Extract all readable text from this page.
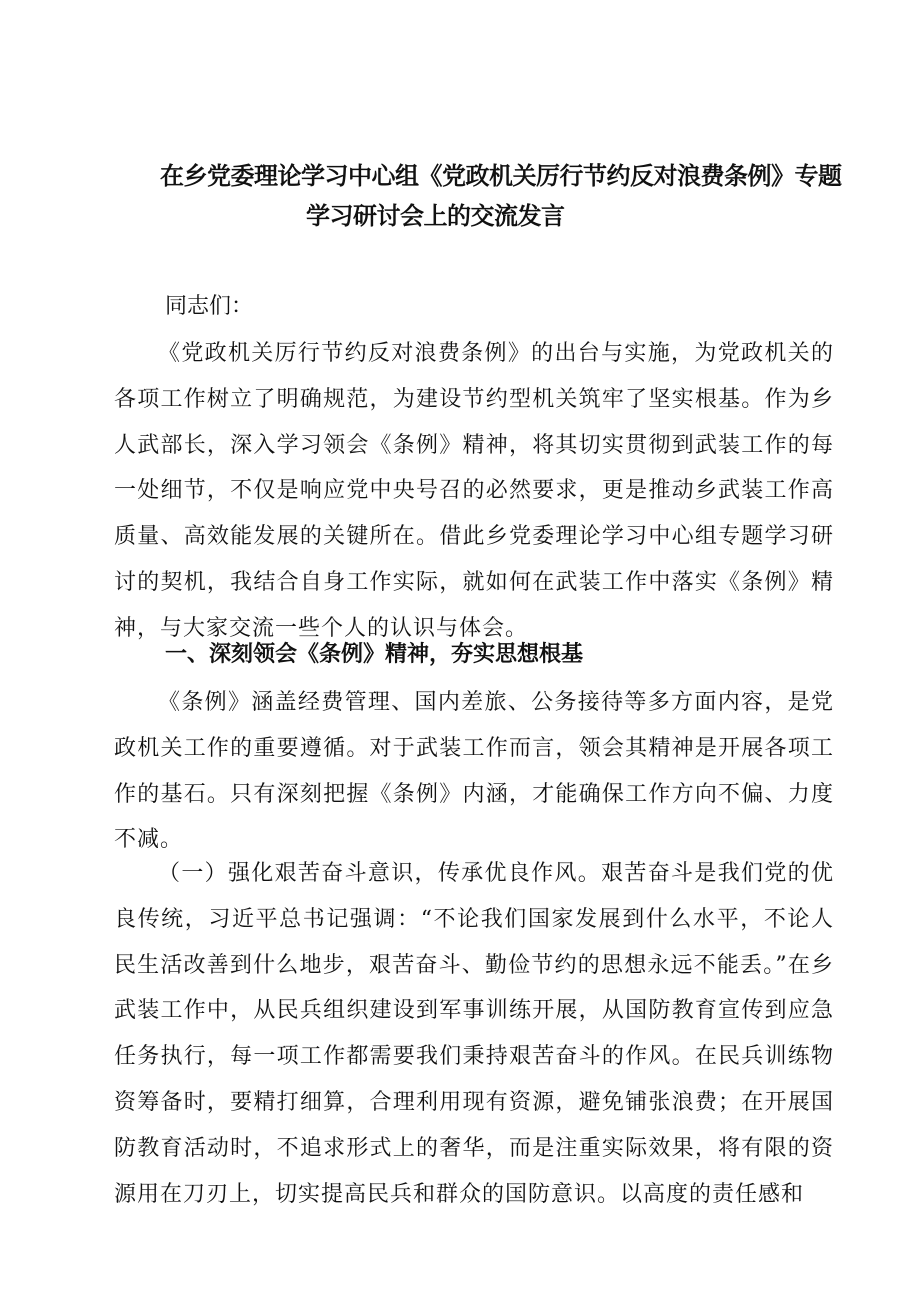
在乡党委理论学习中心组《党政机关厉行节约反对浪费条例》专题
学习研讨会上的交流发言
同志们：
《党政机关厉行节约反对浪费条例》的出台与实施，为党政机关的各项工作树立了明确规范，为建设节约型机关筑牢了坚实根基。作为乡人武部长，深入学习领会《条例》精神，将其切实贯彻到武装工作的每一处细节，不仅是响应党中央号召的必然要求，更是推动乡武装工作高质量、高效能发展的关键所在。借此乡党委理论学习中心组专题学习研讨的契机，我结合自身工作实际，就如何在武装工作中落实《条例》精神，与大家交流一些个人的认识与体会。
一、深刻领会《条例》精神，夯实思想根基
《条例》涵盖经费管理、国内差旅、公务接待等多方面内容，是党政机关工作的重要遵循。对于武装工作而言，领会其精神是开展各项工作的基石。只有深刻把握《条例》内涵，才能确保工作方向不偏、力度不减。
（一）强化艰苦奋斗意识，传承优良作风。艰苦奋斗是我们党的优良传统，习近平总书记强调：“不论我们国家发展到什么水平，不论人民生活改善到什么地步，艰苦奋斗、勤俭节约的思想永远不能丢。”在乡武装工作中，从民兵组织建设到军事训练开展，从国防教育宣传到应急任务执行，每一项工作都需要我们秉持艰苦奋斗的作风。在民兵训练物资筹备时，要精打细算，合理利用现有资源，避免铺张浪费；在开展国防教育活动时，不追求形式上的奢华，而是注重实际效果，将有限的资源用在刀刃上，切实提高民兵和群众的国防意识。以高度的责任感和
